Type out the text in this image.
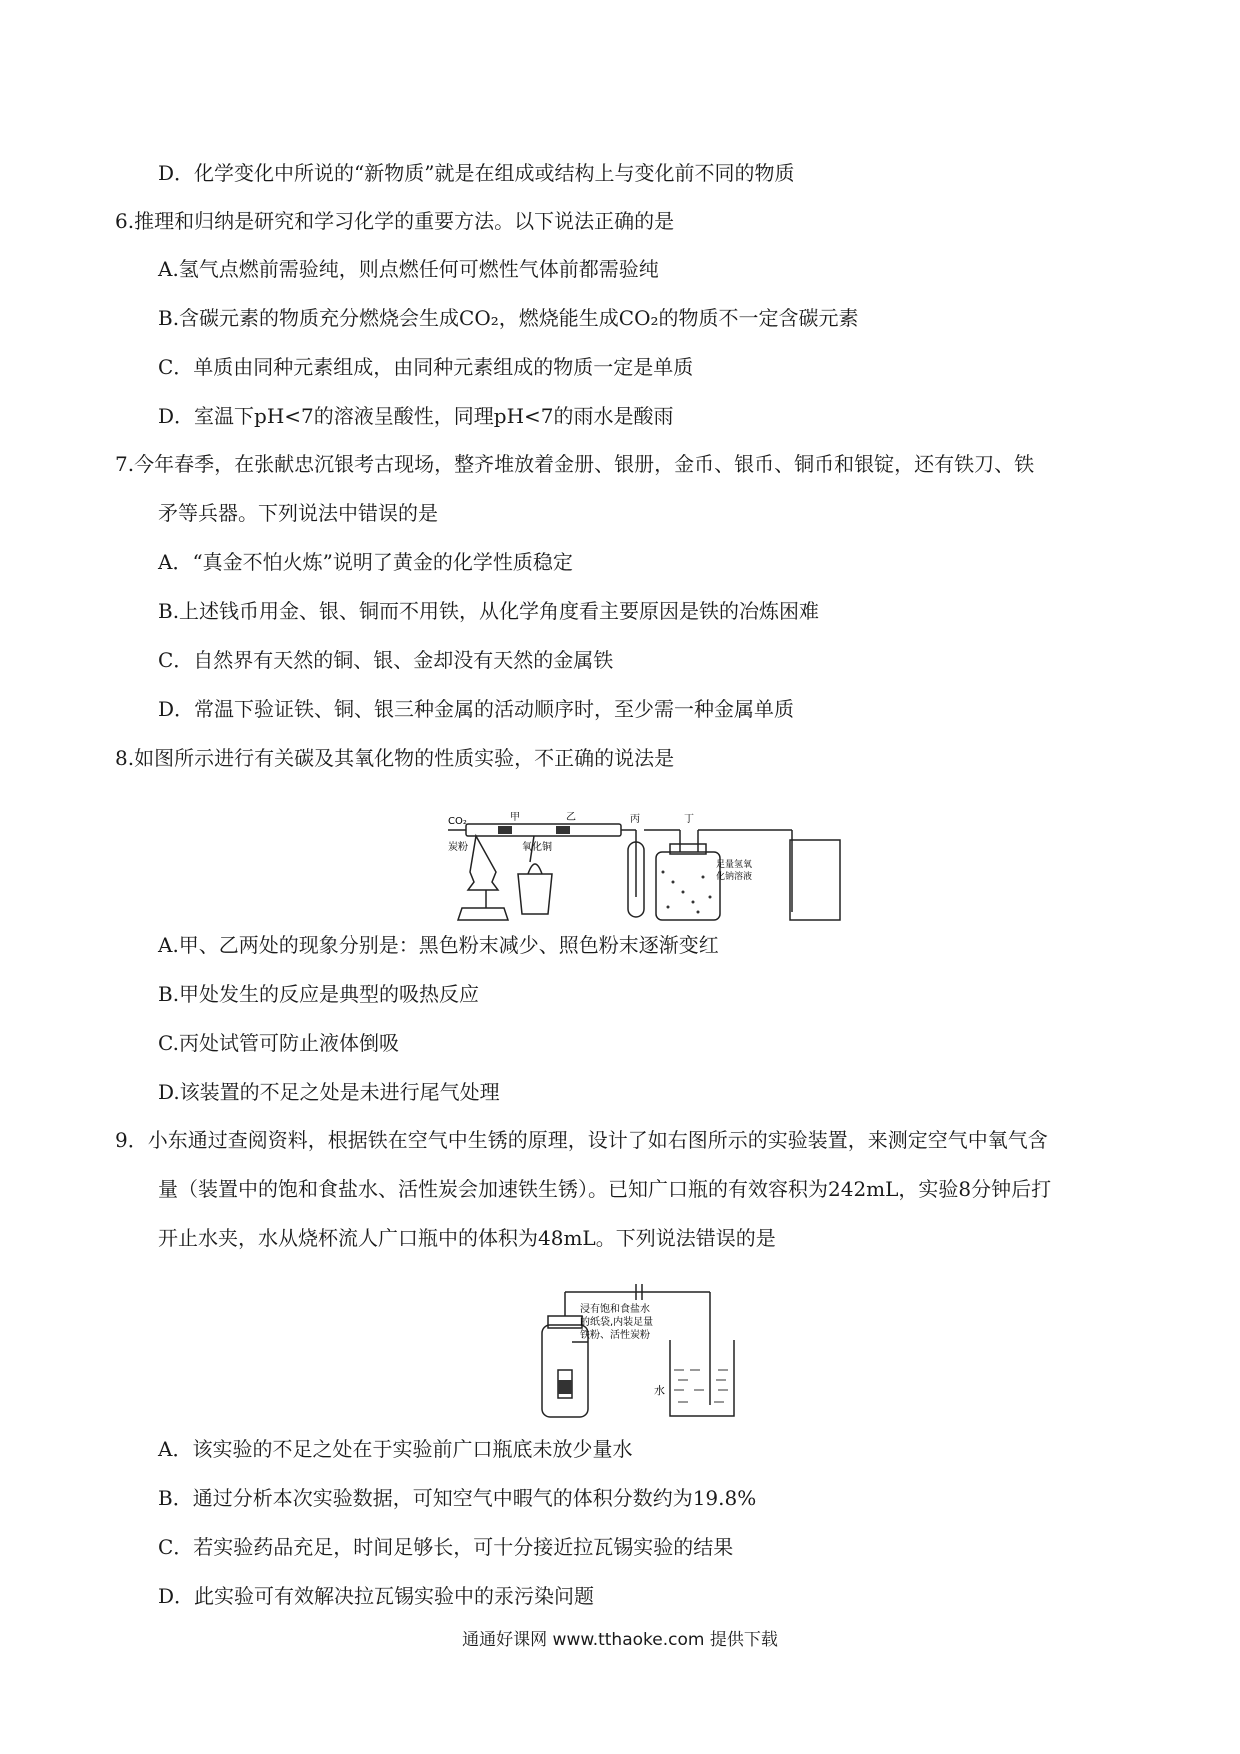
D．化学变化中所说的“新物质”就是在组成或结构上与变化前不同的物质
6.推理和归纳是研究和学习化学的重要方法。以下说法正确的是
A.氢气点燃前需验纯，则点燃任何可燃性气体前都需验纯
B.含碳元素的物质充分燃烧会生成CO₂，燃烧能生成CO₂的物质不一定含碳元素
C．单质由同种元素组成，由同种元素组成的物质一定是单质
D．室温下pH<7的溶液呈酸性，同理pH<7的雨水是酸雨
7.今年春季，在张献忠沉银考古现场，整齐堆放着金册、银册，金币、银币、铜币和银锭，还有铁刀、铁
矛等兵器。下列说法中错误的是
A．“真金不怕火炼”说明了黄金的化学性质稳定
B.上述钱币用金、银、铜而不用铁，从化学角度看主要原因是铁的冶炼困难
C．自然界有天然的铜、银、金却没有天然的金属铁
D．常温下验证铁、铜、银三种金属的活动顺序时，至少需一种金属单质
8.如图所示进行有关碳及其氧化物的性质实验，不正确的说法是
CO₂	甲	乙	丙	丁
炭粉	氧化铜
足量氢氧
化钠溶液
A.甲、乙两处的现象分别是：黑色粉末减少、照色粉末逐渐变红
B.甲处发生的反应是典型的吸热反应
C.丙处试管可防止液体倒吸
D.该装置的不足之处是未进行尾气处理
9．小东通过查阅资料，根据铁在空气中生锈的原理，设计了如右图所示的实验装置，来测定空气中氧气含
量（装置中的饱和食盐水、活性炭会加速铁生锈）。已知广口瓶的有效容积为242mL，实验8分钟后打
开止水夹，水从烧杯流人广口瓶中的体积为48mL。下列说法错误的是
浸有饱和食盐水
的纸袋,内装足量
铁粉、活性炭粉
水
A．该实验的不足之处在于实验前广口瓶底未放少量水
B．通过分析本次实验数据，可知空气中暇气的体积分数约为19.8%
C．若实验药品充足，时间足够长，可十分接近拉瓦锡实验的结果
D．此实验可有效解决拉瓦锡实验中的汞污染问题
通通好课网 www.tthaoke.com 提供下载
